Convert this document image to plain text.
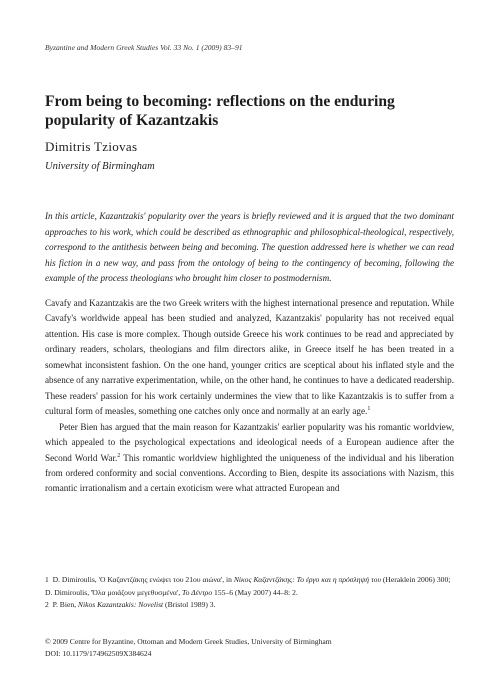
Byzantine and Modern Greek Studies Vol. 33 No. 1 (2009) 83–91
From being to becoming: reflections on the enduring popularity of Kazantzakis
Dimitris Tziovas
University of Birmingham
In this article, Kazantzakis' popularity over the years is briefly reviewed and it is argued that the two dominant approaches to his work, which could be described as ethnographic and philosophical-theological, respectively, correspond to the antithesis between being and becoming. The question addressed here is whether we can read his fiction in a new way, and pass from the ontology of being to the contingency of becoming, following the example of the process theologians who brought him closer to postmodernism.

Cavafy and Kazantzakis are the two Greek writers with the highest international presence and reputation. While Cavafy's worldwide appeal has been studied and analyzed, Kazantzakis' popularity has not received equal attention. His case is more complex. Though outside Greece his work continues to be read and appreciated by ordinary readers, scholars, theologians and film directors alike, in Greece itself he has been treated in a somewhat inconsistent fashion. On the one hand, younger critics are sceptical about his inflated style and the absence of any narrative experimentation, while, on the other hand, he continues to have a dedicated readership. These readers' passion for his work certainly undermines the view that to like Kazantzakis is to suffer from a cultural form of measles, something one catches only once and normally at an early age.$^1$

Peter Bien has argued that the main reason for Kazantzakis' earlier popularity was his romantic worldview, which appealed to the psychological expectations and ideological needs of a European audience after the Second World War.$^2$ This romantic worldview highlighted the uniqueness of the individual and his liberation from ordered conformity and social conventions. According to Bien, despite its associations with Nazism, this romantic irrationalism and a certain exoticism were what attracted European and

1 D. Dimiroulis, 'Ο Καζαντζάκης ενώψει του 21ου αιώνα', in Νίκος Καζαντζάκης: Το έργο και η πρόσληψή του (Heraklein 2006) 300; D. Dimiroulis, 'Όλα μοιάζουν μεγεθυσμένα', Το Δέντρο 155–6 (May 2007) 44–8: 2.

2 P. Bien, Nikos Kazantzakis: Novelist (Bristol 1989) 3.

© 2009 Centre for Byzantine, Ottoman and Modern Greek Studies, University of Birmingham
DOI: 10.1179/174962509X384624
